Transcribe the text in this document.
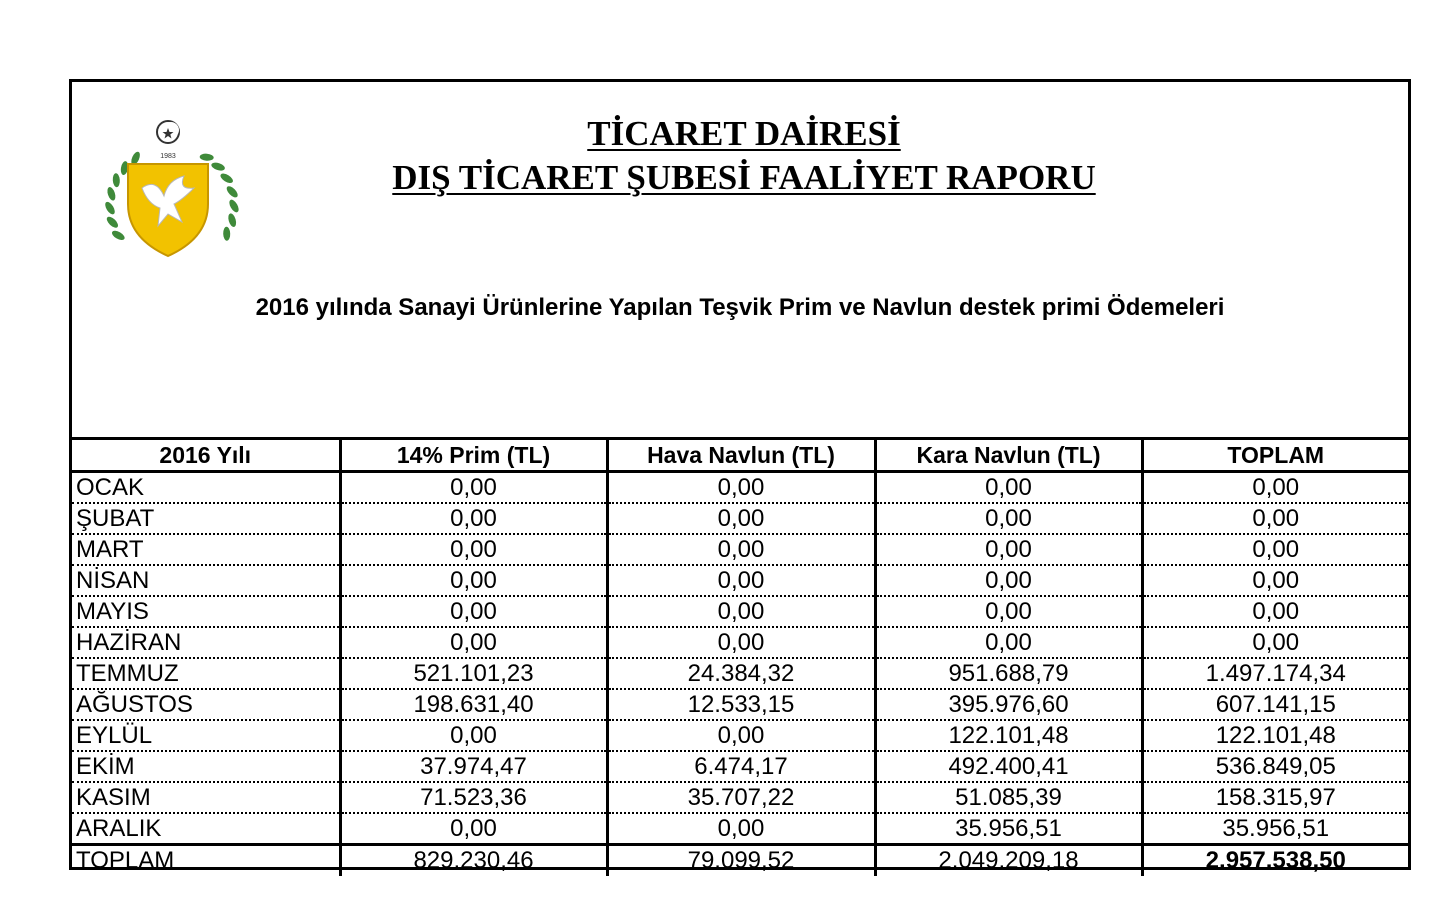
1983
TİCARET DAİRESİ
DIŞ TİCARET ŞUBESİ FAALİYET RAPORU
2016 yılında Sanayi Ürünlerine Yapılan Teşvik Prim ve Navlun destek primi Ödemeleri
2016 Yılı	14% Prim (TL)	Hava Navlun (TL)	Kara Navlun (TL)	TOPLAM
OCAK	0,00	0,00	0,00	0,00
ŞUBAT	0,00	0,00	0,00	0,00
MART	0,00	0,00	0,00	0,00
NİSAN	0,00	0,00	0,00	0,00
MAYIS	0,00	0,00	0,00	0,00
HAZİRAN	0,00	0,00	0,00	0,00
TEMMUZ	521.101,23	24.384,32	951.688,79	1.497.174,34
AĞUSTOS	198.631,40	12.533,15	395.976,60	607.141,15
EYLÜL	0,00	0,00	122.101,48	122.101,48
EKİM	37.974,47	6.474,17	492.400,41	536.849,05
KASIM	71.523,36	35.707,22	51.085,39	158.315,97
ARALIK	0,00	0,00	35.956,51	35.956,51
TOPLAM	829.230,46	79.099,52	2.049.209,18	2.957.538,50
